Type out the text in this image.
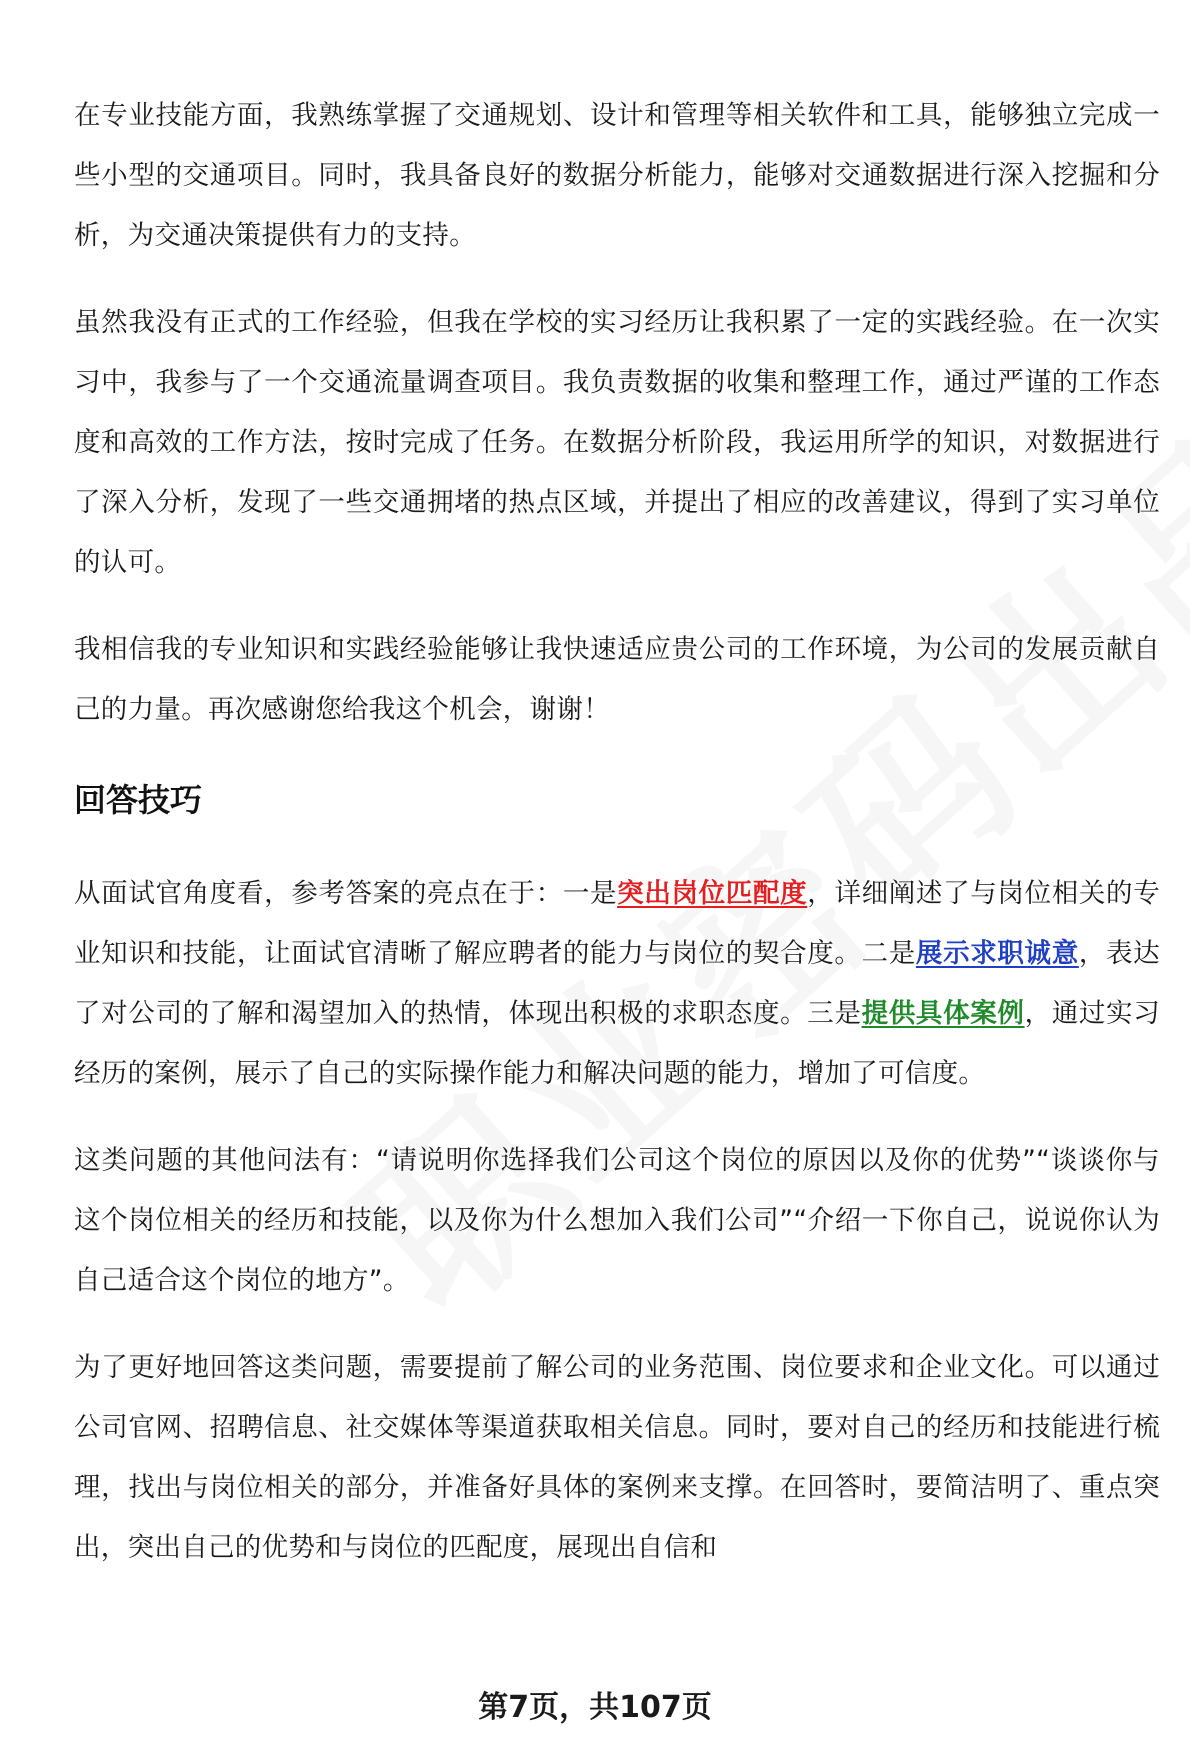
在专业技能方面，我熟练掌握了交通规划、设计和管理等相关软件和工具，能够独立完成一些小型的交通项目。同时，我具备良好的数据分析能力，能够对交通数据进行深入挖掘和分析，为交通决策提供有力的支持。

虽然我没有正式的工作经验，但我在学校的实习经历让我积累了一定的实践经验。在一次实习中，我参与了一个交通流量调查项目。我负责数据的收集和整理工作，通过严谨的工作态度和高效的工作方法，按时完成了任务。在数据分析阶段，我运用所学的知识，对数据进行了深入分析，发现了一些交通拥堵的热点区域，并提出了相应的改善建议，得到了实习单位的认可。

我相信我的专业知识和实践经验能够让我快速适应贵公司的工作环境，为公司的发展贡献自己的力量。再次感谢您给我这个机会，谢谢！

回答技巧

从面试官角度看，参考答案的亮点在于：一是突出岗位匹配度，详细阐述了与岗位相关的专业知识和技能，让面试官清晰了解应聘者的能力与岗位的契合度。二是展示求职诚意，表达了对公司的了解和渴望加入的热情，体现出积极的求职态度。三是提供具体案例，通过实习经历的案例，展示了自己的实际操作能力和解决问题的能力，增加了可信度。

这类问题的其他问法有：“请说明你选择我们公司这个岗位的原因以及你的优势”“谈谈你与这个岗位相关的经历和技能，以及你为什么想加入我们公司”“介绍一下你自己，说说你认为自己适合这个岗位的地方”。

为了更好地回答这类问题，需要提前了解公司的业务范围、岗位要求和企业文化。可以通过公司官网、招聘信息、社交媒体等渠道获取相关信息。同时，要对自己的经历和技能进行梳理，找出与岗位相关的部分，并准备好具体的案例来支撑。在回答时，要简洁明了、重点突出，突出自己的优势和与岗位的匹配度，展现出自信和

第7页，共107页
